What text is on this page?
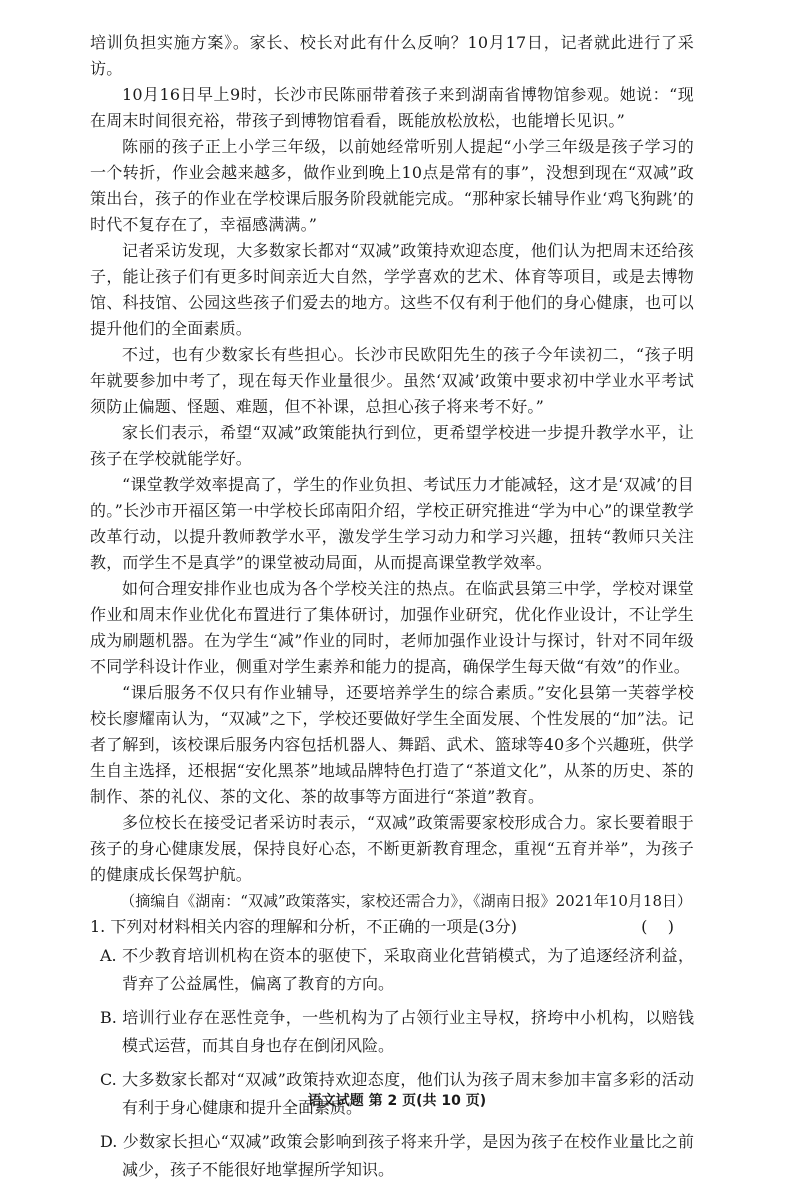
培训负担实施方案》。家长、校长对此有什么反响？10月17日，记者就此进行了采访。

10月16日早上9时，长沙市民陈丽带着孩子来到湖南省博物馆参观。她说：“现在周末时间很充裕，带孩子到博物馆看看，既能放松放松，也能增长见识。”

陈丽的孩子正上小学三年级，以前她经常听别人提起“小学三年级是孩子学习的一个转折，作业会越来越多，做作业到晚上10点是常有的事”，没想到现在“双减”政策出台，孩子的作业在学校课后服务阶段就能完成。“那种家长辅导作业‘鸡飞狗跳’的时代不复存在了，幸福感满满。”

记者采访发现，大多数家长都对“双减”政策持欢迎态度，他们认为把周末还给孩子，能让孩子们有更多时间亲近大自然，学学喜欢的艺术、体育等项目，或是去博物馆、科技馆、公园这些孩子们爱去的地方。这些不仅有利于他们的身心健康，也可以提升他们的全面素质。

不过，也有少数家长有些担心。长沙市民欧阳先生的孩子今年读初二，“孩子明年就要参加中考了，现在每天作业量很少。虽然‘双减’政策中要求初中学业水平考试须防止偏题、怪题、难题，但不补课，总担心孩子将来考不好。”

家长们表示，希望“双减”政策能执行到位，更希望学校进一步提升教学水平，让孩子在学校就能学好。

“课堂教学效率提高了，学生的作业负担、考试压力才能减轻，这才是‘双减’的目的。”长沙市开福区第一中学校长邱南阳介绍，学校正研究推进“学为中心”的课堂教学改革行动，以提升教师教学水平，激发学生学习动力和学习兴趣，扭转“教师只关注教，而学生不是真学”的课堂被动局面，从而提高课堂教学效率。

如何合理安排作业也成为各个学校关注的热点。在临武县第三中学，学校对课堂作业和周末作业优化布置进行了集体研讨，加强作业研究，优化作业设计，不让学生成为刷题机器。在为学生“减”作业的同时，老师加强作业设计与探讨，针对不同年级不同学科设计作业，侧重对学生素养和能力的提高，确保学生每天做“有效”的作业。

“课后服务不仅只有作业辅导，还要培养学生的综合素质。”安化县第一芙蓉学校校长廖耀南认为，“双减”之下，学校还要做好学生全面发展、个性发展的“加”法。记者了解到，该校课后服务内容包括机器人、舞蹈、武术、篮球等40多个兴趣班，供学生自主选择，还根据“安化黑茶”地域品牌特色打造了“茶道文化”，从茶的历史、茶的制作、茶的礼仪、茶的文化、茶的故事等方面进行“茶道”教育。

多位校长在接受记者采访时表示，“双减”政策需要家校形成合力。家长要着眼于孩子的身心健康发展，保持良好心态，不断更新教育理念，重视“五育并举”，为孩子的健康成长保驾护航。

（摘编自《湖南：“双减”政策落实，家校还需合力》，《湖南日报》2021年10月18日）

1. 下列对材料相关内容的理解和分析，不正确的一项是(3分)	(    )

A. 不少教育培训机构在资本的驱使下，采取商业化营销模式，为了追逐经济利益，背弃了公益属性，偏离了教育的方向。

B. 培训行业存在恶性竞争，一些机构为了占领行业主导权，挤垮中小机构，以赔钱模式运营，而其自身也存在倒闭风险。

C. 大多数家长都对“双减”政策持欢迎态度，他们认为孩子周末参加丰富多彩的活动有利于身心健康和提升全面素质。

D. 少数家长担心“双减”政策会影响到孩子将来升学，是因为孩子在校作业量比之前减少，孩子不能很好地掌握所学知识。

语文试题 第 2 页(共 10 页)
